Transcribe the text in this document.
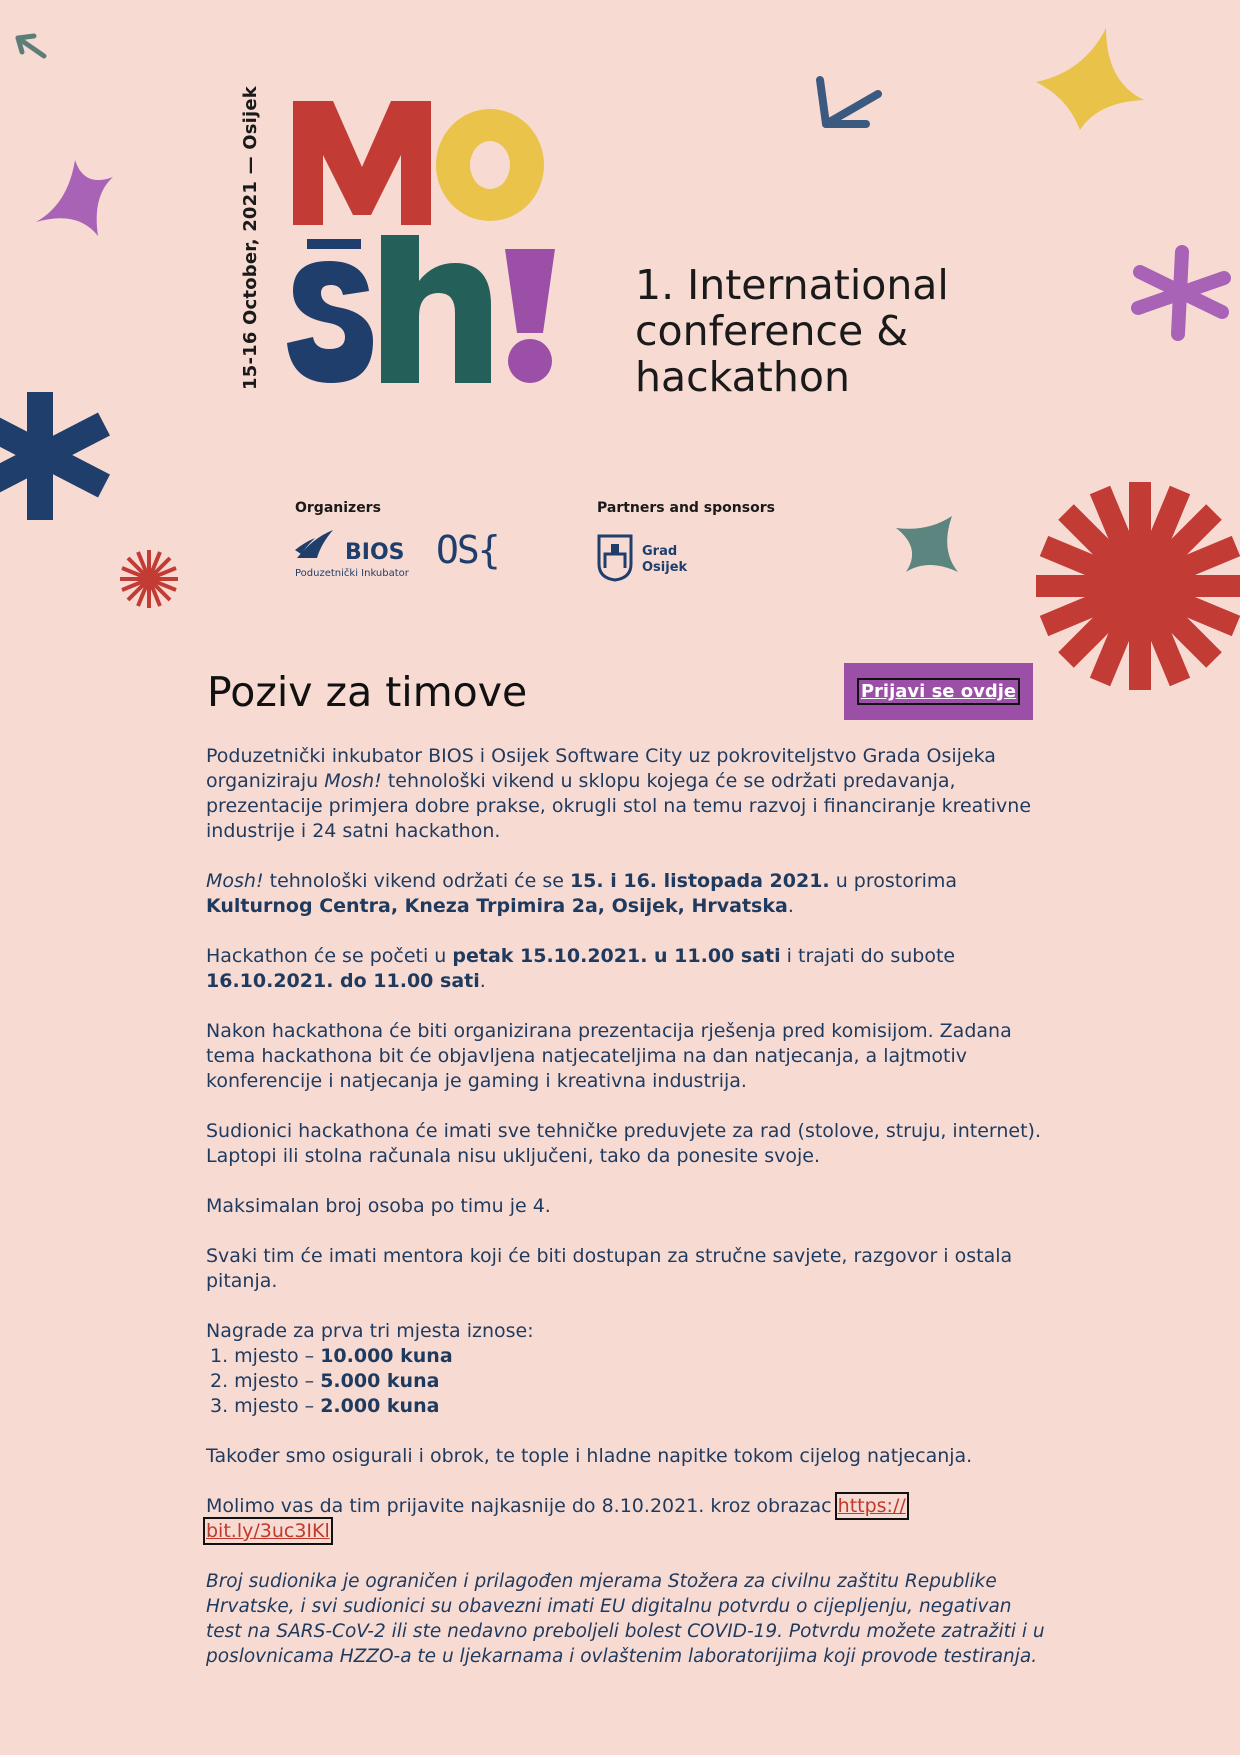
15-16 October, 2021 — Osijek	1. International
conference &
hackathon
Organizers
BIOS
Poduzetnički Inkubator
OS{
Partners and sponsors
Grad
Osijek
Poziv za timove	Prijavi se ovdje

Poduzetnički inkubator BIOS i Osijek Software City uz pokroviteljstvo Grada Osijeka organiziraju Mosh! tehnološki vikend u sklopu kojega će se održati predavanja, prezentacije primjera dobre prakse, okrugli stol na temu razvoj i financiranje kreativne industrije i 24 satni hackathon.

Mosh! tehnološki vikend održati će se 15. i 16. listopada 2021. u prostorima Kulturnog Centra, Kneza Trpimira 2a, Osijek, Hrvatska.

Hackathon će se početi u petak 15.10.2021. u 11.00 sati i trajati do subote 16.10.2021. do 11.00 sati.

Nakon hackathona će biti organizirana prezentacija rješenja pred komisijom. Zadana tema hackathona bit će objavljena natjecateljima na dan natjecanja, a lajtmotiv konferencije i natjecanja je gaming i kreativna industrija.

Sudionici hackathona će imati sve tehničke preduvjete za rad (stolove, struju, internet). Laptopi ili stolna računala nisu uključeni, tako da ponesite svoje.

Maksimalan broj osoba po timu je 4.

Svaki tim će imati mentora koji će biti dostupan za stručne savjete, razgovor i ostala pitanja.

Nagrade za prva tri mjesta iznose:
1. mjesto – 10.000 kuna
2. mjesto – 5.000 kuna
3. mjesto – 2.000 kuna

Također smo osigurali i obrok, te tople i hladne napitke tokom cijelog natjecanja.

Molimo vas da tim prijavite najkasnije do 8.10.2021. kroz obrazac https://
bit.ly/3uc3IKl

Broj sudionika je ograničen i prilagođen mjerama Stožera za civilnu zaštitu Republike Hrvatske, i svi sudionici su obavezni imati EU digitalnu potvrdu o cijepljenju, negativan test na SARS-CoV-2 ili ste nedavno preboljeli bolest COVID-19. Potvrdu možete zatražiti i u poslovnicama HZZO-a te u ljekarnama i ovlaštenim laboratorijima koji provode testiranja.
